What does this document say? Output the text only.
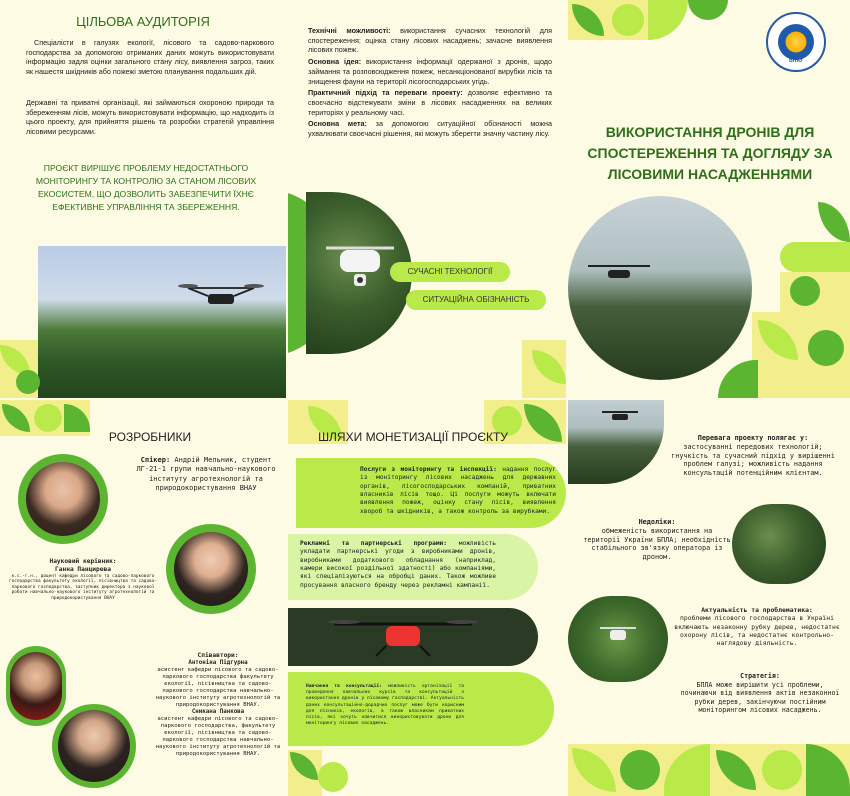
ЦІЛЬОВА АУДИТОРІЯ

Спеціалісти в галузях екології, лісового та садово-паркового господарства за допомогою отриманих даних можуть використовувати інформацію задля оцінки загального стану лісу, виявлення загроз, таких як нашестя шкідників або пожежі зметою планування подальших дій.

Державні та приватні організації, які займаються охороною природи та збереженням лісів, можуть використовувати інформацію, що надходить із цього проекту, для прийняття рішень та розробки стратегій управління лісовими ресурсами.

ПРОЄКТ ВИРІШУЄ ПРОБЛЕМУ НЕДОСТАТНЬОГО МОНІТОРИНГУ ТА КОНТРОЛЮ ЗА СТАНОМ ЛІСОВИХ ЕКОСИСТЕМ, ЩО ДОЗВОЛИТЬ ЗАБЕЗПЕЧИТИ ЇХНЄ ЕФЕКТИВНЕ УПРАВЛІННЯ ТА ЗБЕРЕЖЕННЯ.

Технічні можливості: використання сучасних технологій для спостереження; оцінка стану лісових насаджень; зачасне виявлення лісових пожеж.

Основна ідея: використання інформації одержаної з дронів, щодо займання та розповсюдження пожеж, несанкціонованої вирубки лісів та знищення фауни на території лісогосподарських угідь.

Практичний підхід та переваги проекту: дозволяє ефективно та своєчасно відстежувати зміни в лісових насадженнях на великих територіях у реальному часі.

Основна мета: за допомогою ситуаційної обізнаності можна ухвалювати своєчасні рішення, які можуть зберегти значну частину лісу.

СУЧАСНІ ТЕХНОЛОГІЇ
СИТУАЦІЙНА ОБІЗНАНІСТЬ
ВНАУ
ВИКОРИСТАННЯ ДРОНІВ ДЛЯ СПОСТЕРЕЖЕННЯ ТА ДОГЛЯДУ ЗА ЛІСОВИМИ НАСАДЖЕННЯМИ
РОЗРОБНИКИ

Спікер: Андрій Мельник, студент ЛГ-21-1 групи навчально-наукового інституту агротехнологій та природокористування ВНАУ

Науковий керівник:
Ганна Панцирева
к.с.-г.н., доцент кафедри лісового та садово-паркового господарства факультету екології, лісівництва та садово-паркового господарства, заступник директора з наукової роботи навчально-наукового інституту агротехнологій та природокористування ВНАУ
Співавтори:
Антоніна Підгурна
асистент кафедри лісового та садово-паркового господарства факультету екології, лісівництва та садово-паркового господарства навчально-наукового інституту агротехнологій та природокористування ВНАУ.
Сникана Панкова
асистент кафедри лісового та садово-паркового господарства, факультету екології, лісівництва та садово-паркового господарства навчально-наукового інституту агротехнологій та природокористування ВНАУ.
ШЛЯХИ МОНЕТИЗАЦІЇ ПРОЄКТУ

Послуги з моніторингу та інспекції: надання послуг із моніторингу лісових насаджень для державних органів, лісогосподарських компаній, приватних власників лісів тощо. Ці послуги можуть включати виявлення пожеж, оцінку стану лісів, виявлення хвороб та шкідників, а також контроль за вирубками.

Рекламні та партнерські програми: можливість укладати партнерські угоди з виробниками дронів, виробниками додаткового обладнання (наприклад, камери високої роздільної здатності) або компаніями, які спеціалізуються на обробці даних. Також можливе просування власного бренду через рекламні кампанії.

Навчання та консультації: можливість організації та проведення навчальних курсів та консультацій з використання дронів у лісовому господарстві. Актуальність даних консультаційно-дорадчих послуг може бути корисним для лісників, екологів, а також власникам приватних лісів, які хочуть навчитися використовувати дрони для моніторингу лісових насаджень.

Перевага проекту полягає у:
застосуванні передових технологій; гнучкість та сучасний підхід у вирішенні проблем галузі; можливість надання консультацій потенційним клієнтам.
Недоліки:
обмеженість використання на території України БПЛА; необхідність стабільного зв'язку оператора із дроном.
Актуальність та проблематика:
проблеми лісового господарства в Україні включають незаконну рубку дерев, недостатнє охорону лісів, та недостатнє контрольно-наглядову діяльність.
Стратегія:
БПЛА може вирішити усі проблеми, починаючи від виявлення актів незаконної рубки дерев, закінчуючи постійним моніторингом лісових насаджень.
